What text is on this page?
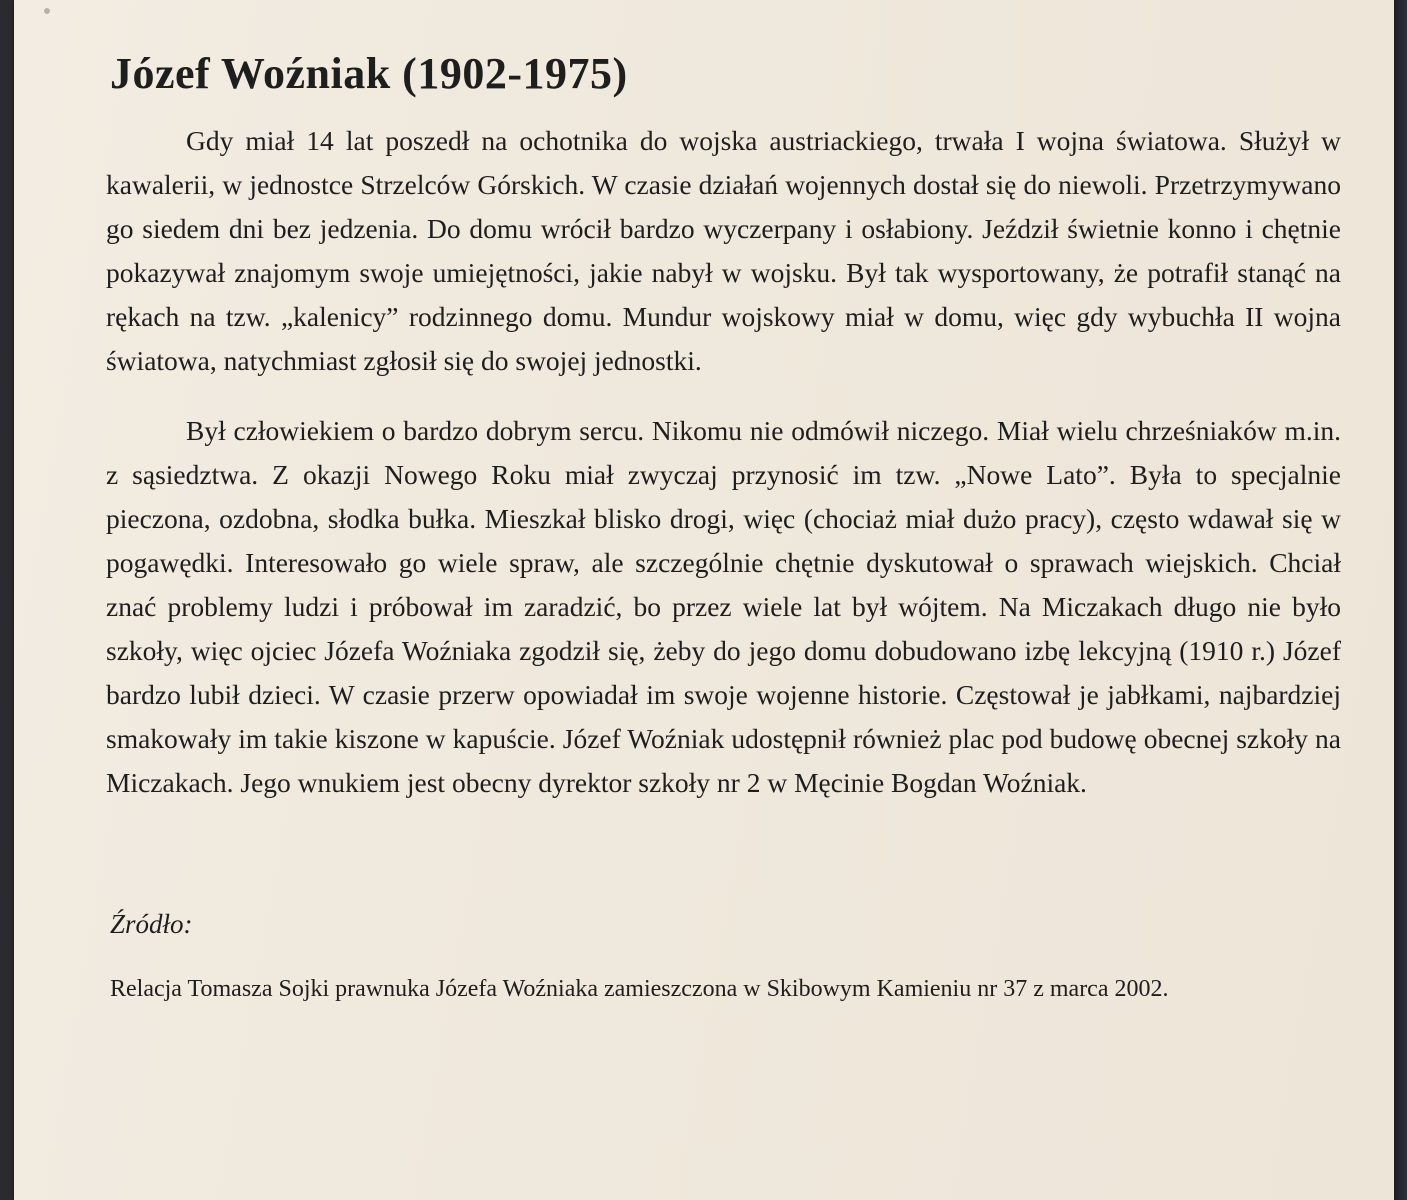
Józef Woźniak (1902-1975)

Gdy miał 14 lat poszedł na ochotnika do wojska austriackiego, trwała I wojna światowa. Służył w kawalerii, w jednostce Strzelców Górskich. W czasie działań wojennych dostał się do niewoli. Przetrzymywano go siedem dni bez jedzenia. Do domu wrócił bardzo wyczerpany i osłabiony. Jeździł świetnie konno i chętnie pokazywał znajomym swoje umiejętności, jakie nabył w wojsku. Był tak wysportowany, że potrafił stanąć na rękach na tzw. „kalenicy” rodzinnego domu. Mundur wojskowy miał w domu, więc gdy wybuchła II wojna światowa, natychmiast zgłosił się do swojej jednostki.

Był człowiekiem o bardzo dobrym sercu. Nikomu nie odmówił niczego. Miał wielu chrześniaków m.in. z sąsiedztwa. Z okazji Nowego Roku miał zwyczaj przynosić im tzw. „Nowe Lato”. Była to specjalnie pieczona, ozdobna, słodka bułka. Mieszkał blisko drogi, więc (chociaż miał dużo pracy), często wdawał się w pogawędki. Interesowało go wiele spraw, ale szczególnie chętnie dyskutował o sprawach wiejskich. Chciał znać problemy ludzi i próbował im zaradzić, bo przez wiele lat był wójtem. Na Miczakach długo nie było szkoły, więc ojciec Józefa Woźniaka zgodził się, żeby do jego domu dobudowano izbę lekcyjną (1910 r.) Józef bardzo lubił dzieci. W czasie przerw opowiadał im swoje wojenne historie. Częstował je jabłkami, najbardziej smakowały im takie kiszone w kapuście. Józef Woźniak udostępnił również plac pod budowę obecnej szkoły na Miczakach. Jego wnukiem jest obecny dyrektor szkoły nr 2 w Męcinie Bogdan Woźniak.

Źródło:
Relacja Tomasza Sojki prawnuka Józefa Woźniaka zamieszczona w Skibowym Kamieniu nr 37 z marca 2002.
